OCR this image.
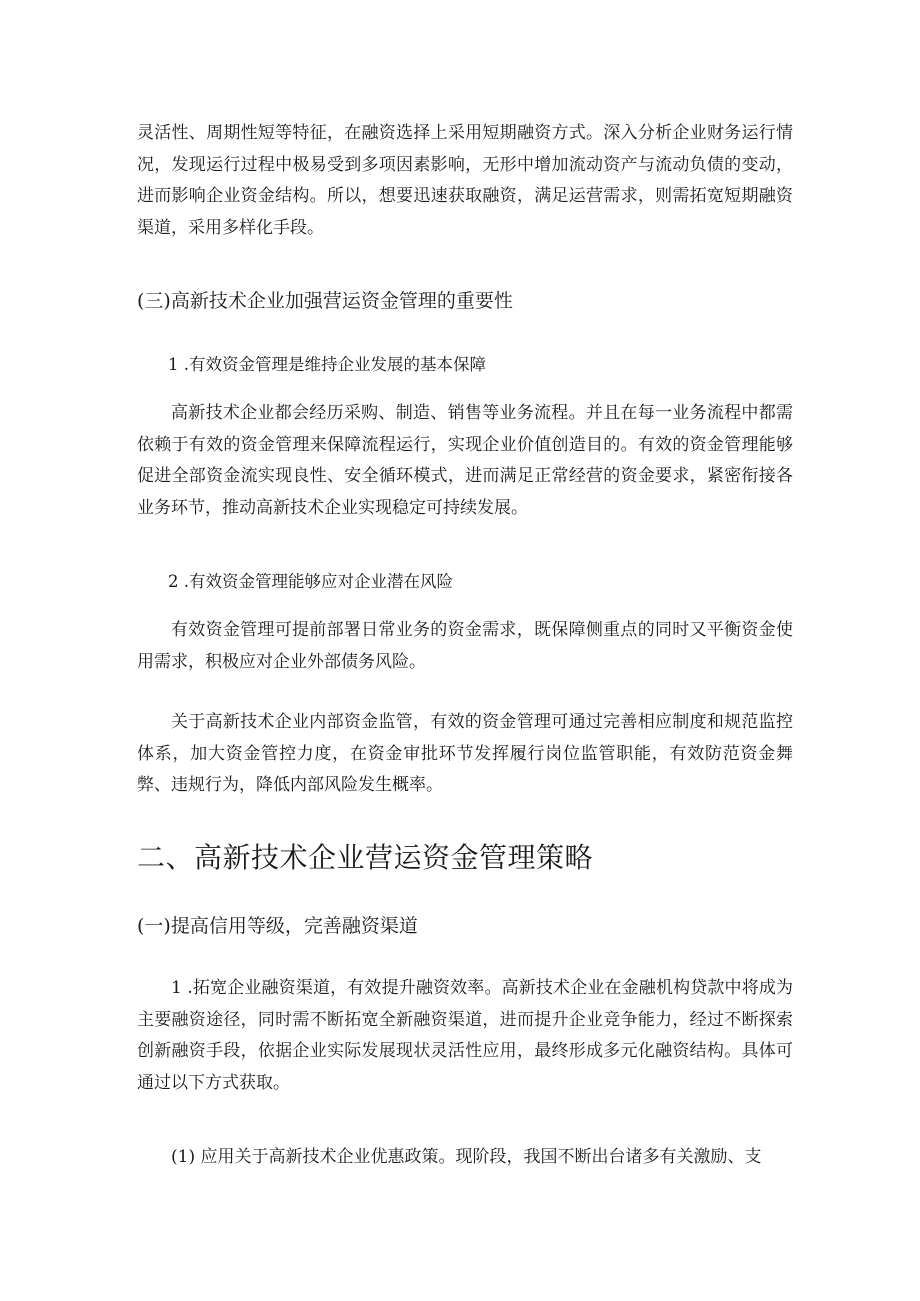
灵活性、周期性短等特征，在融资选择上采用短期融资方式。深入分析企业财务运行情况，发现运行过程中极易受到多项因素影响，无形中增加流动资产与流动负债的变动，进而影响企业资金结构。所以，想要迅速获取融资，满足运营需求，则需拓宽短期融资渠道，采用多样化手段。

(三)高新技术企业加强营运资金管理的重要性

1 .有效资金管理是维持企业发展的基本保障

高新技术企业都会经历采购、制造、销售等业务流程。并且在每一业务流程中都需依赖于有效的资金管理来保障流程运行，实现企业价值创造目的。有效的资金管理能够促进全部资金流实现良性、安全循环模式，进而满足正常经营的资金要求，紧密衔接各业务环节，推动高新技术企业实现稳定可持续发展。

2 .有效资金管理能够应对企业潜在风险

有效资金管理可提前部署日常业务的资金需求，既保障侧重点的同时又平衡资金使用需求，积极应对企业外部债务风险。

关于高新技术企业内部资金监管，有效的资金管理可通过完善相应制度和规范监控体系，加大资金管控力度，在资金审批环节发挥履行岗位监管职能，有效防范资金舞弊、违规行为，降低内部风险发生概率。

二、高新技术企业营运资金管理策略

(一)提高信用等级，完善融资渠道

1 .拓宽企业融资渠道，有效提升融资效率。高新技术企业在金融机构贷款中将成为主要融资途径，同时需不断拓宽全新融资渠道，进而提升企业竞争能力，经过不断探索创新融资手段，依据企业实际发展现状灵活性应用，最终形成多元化融资结构。具体可通过以下方式获取。

(1) 应用关于高新技术企业优惠政策。现阶段，我国不断出台诸多有关激励、支
